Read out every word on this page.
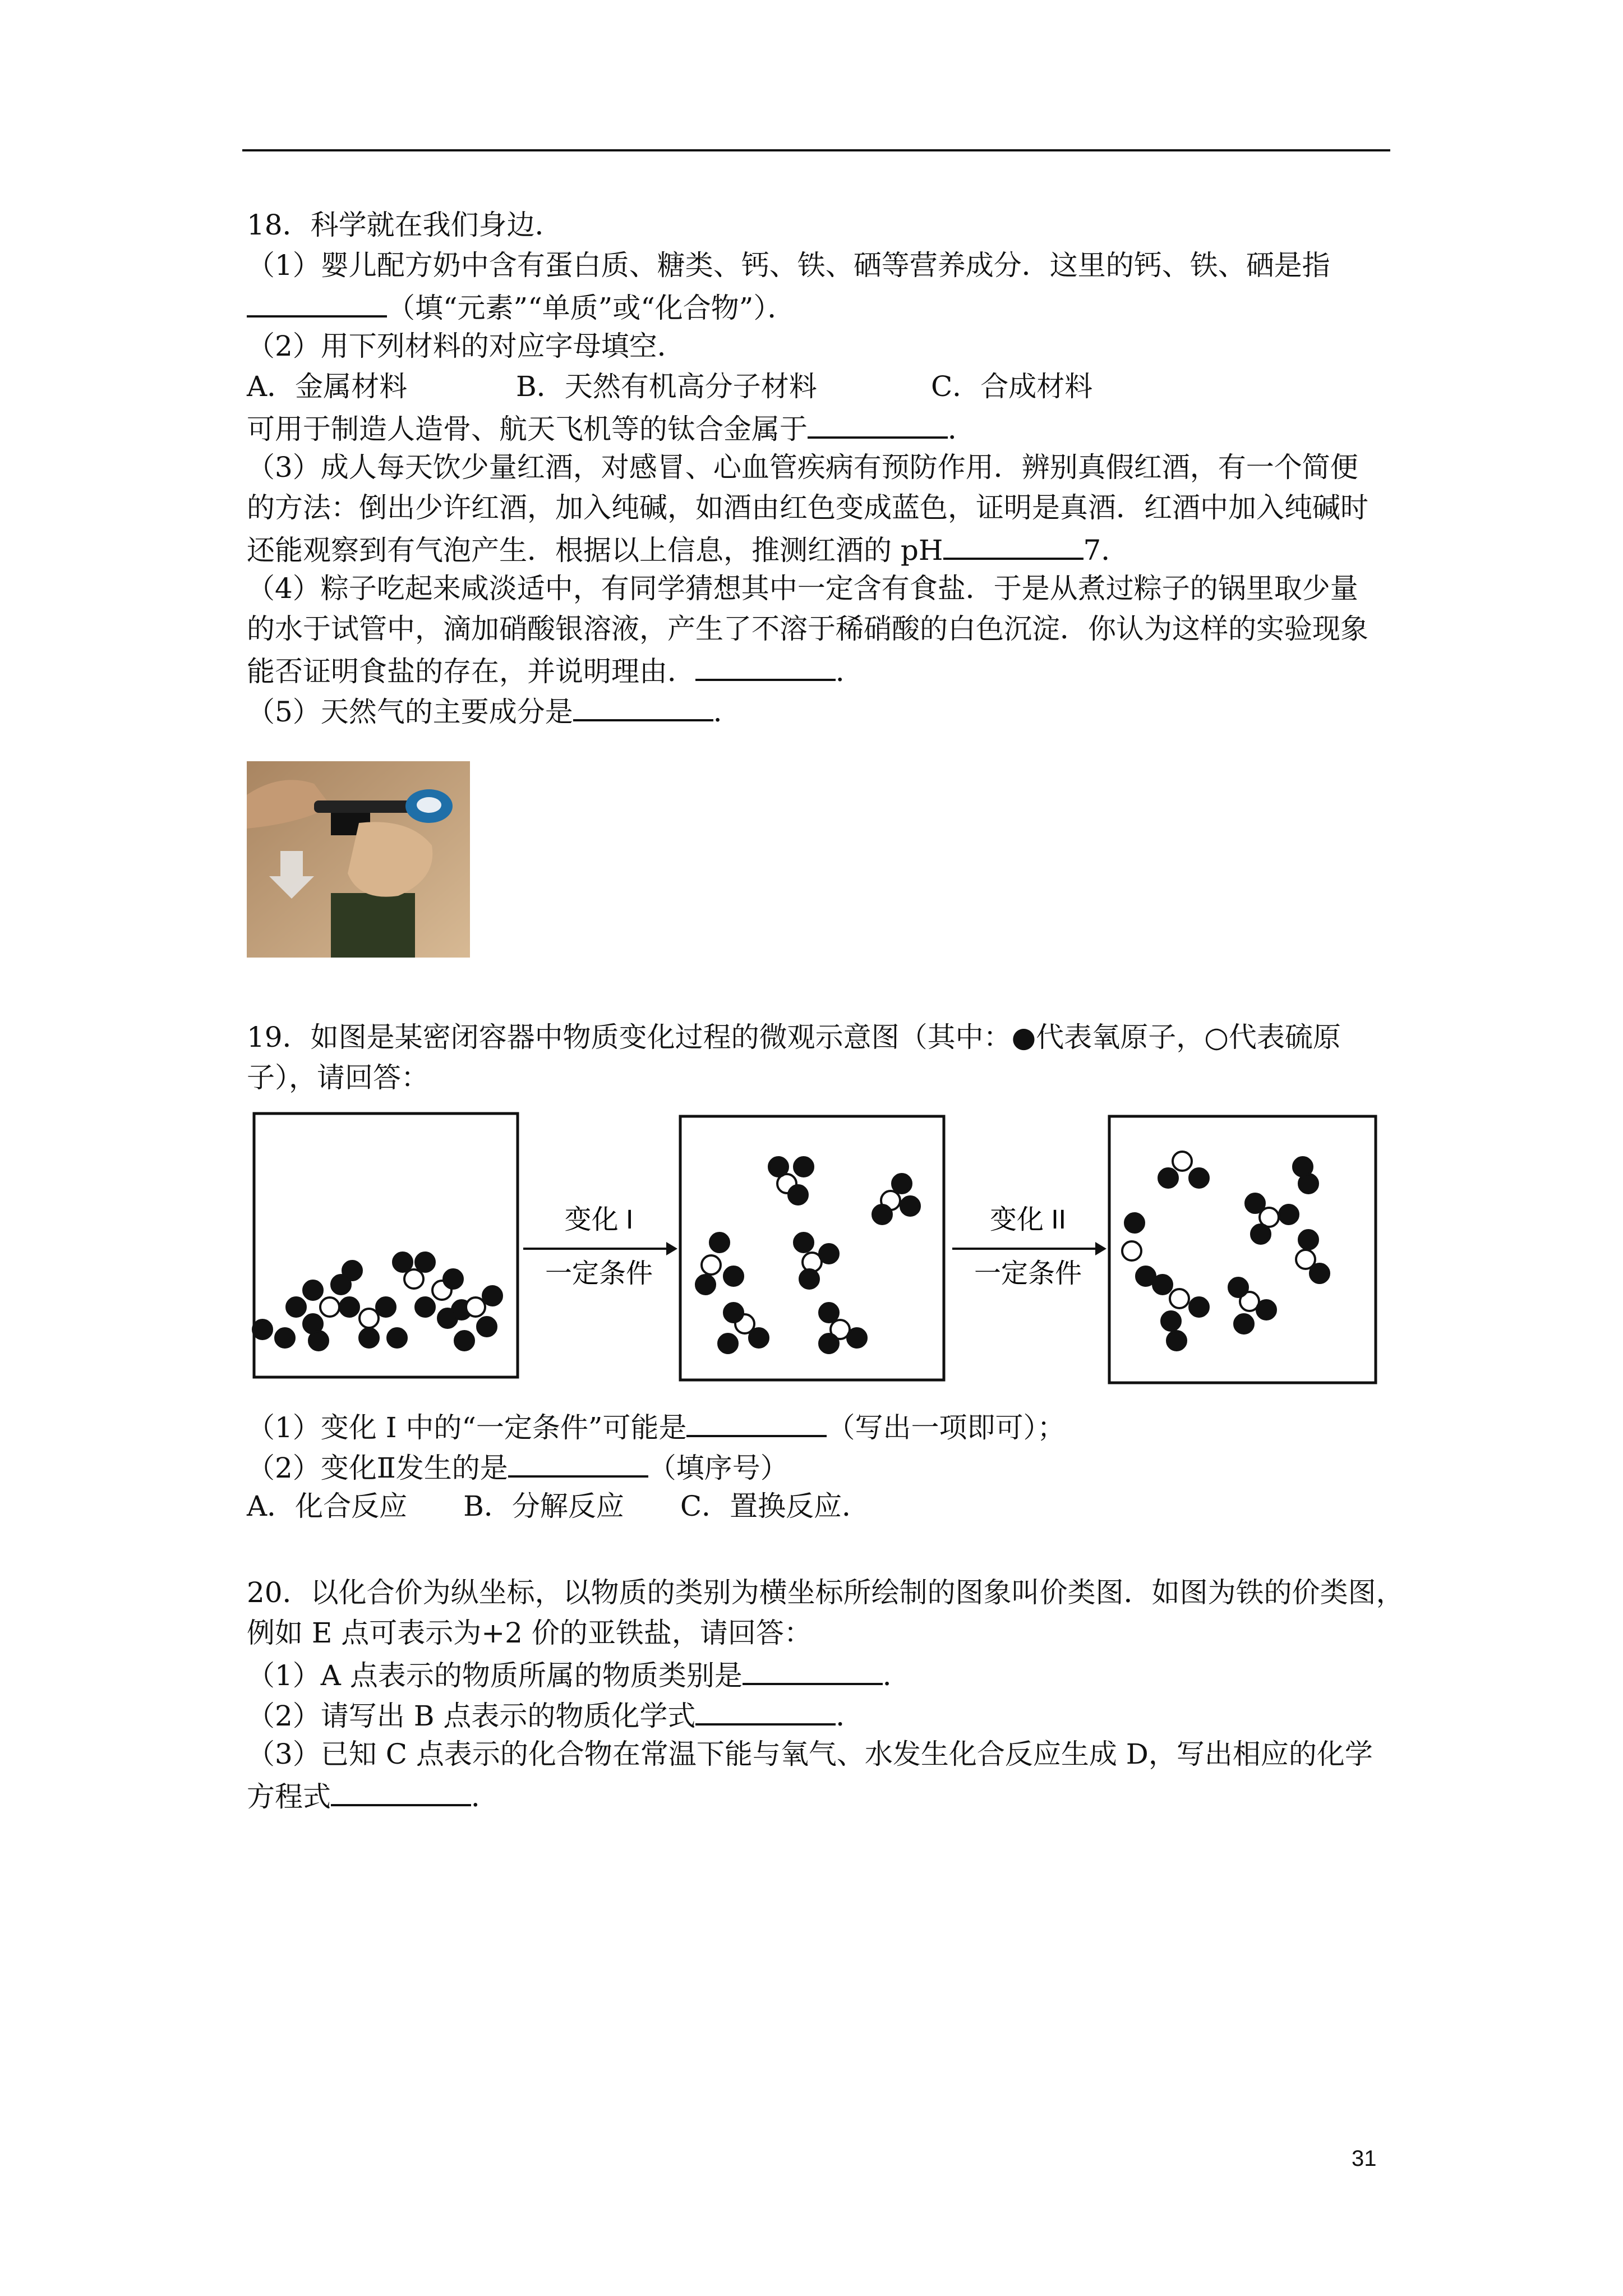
18．科学就在我们身边．
（1）婴儿配方奶中含有蛋白质、糖类、钙、铁、硒等营养成分．这里的钙、铁、硒是指
（填“元素”“单质”或“化合物”）．
（2）用下列材料的对应字母填空．
A．金属材料	B．天然有机高分子材料	C．合成材料
可用于制造人造骨、航天飞机等的钛合金属于	．
（3）成人每天饮少量红酒，对感冒、心血管疾病有预防作用．辨别真假红酒，有一个简便
的方法：倒出少许红酒，加入纯碱，如酒由红色变成蓝色，证明是真酒．红酒中加入纯碱时
还能观察到有气泡产生．根据以上信息，推测红酒的 pH	7．
（4）粽子吃起来咸淡适中，有同学猜想其中一定含有食盐．于是从煮过粽子的锅里取少量
的水于试管中，滴加硝酸银溶液，产生了不溶于稀硝酸的白色沉淀．你认为这样的实验现象
能否证明食盐的存在，并说明理由．	．
（5）天然气的主要成分是	．
19．如图是某密闭容器中物质变化过程的微观示意图（其中：●代表氧原子，○代表硫原
子），请回答：
变化 I
一定条件
变化 II
一定条件
（1）变化 I 中的“一定条件”可能是	（写出一项即可）；
（2）变化Ⅱ发生的是	（填序号）
A．化合反应　　B．分解反应　　C．置换反应．
20．以化合价为纵坐标，以物质的类别为横坐标所绘制的图象叫价类图．如图为铁的价类图，
例如 E 点可表示为+2 价的亚铁盐，请回答：
（1）A 点表示的物质所属的物质类别是	．
（2）请写出 B 点表示的物质化学式	．
（3）已知 C 点表示的化合物在常温下能与氧气、水发生化合反应生成 D，写出相应的化学
方程式	．
31
